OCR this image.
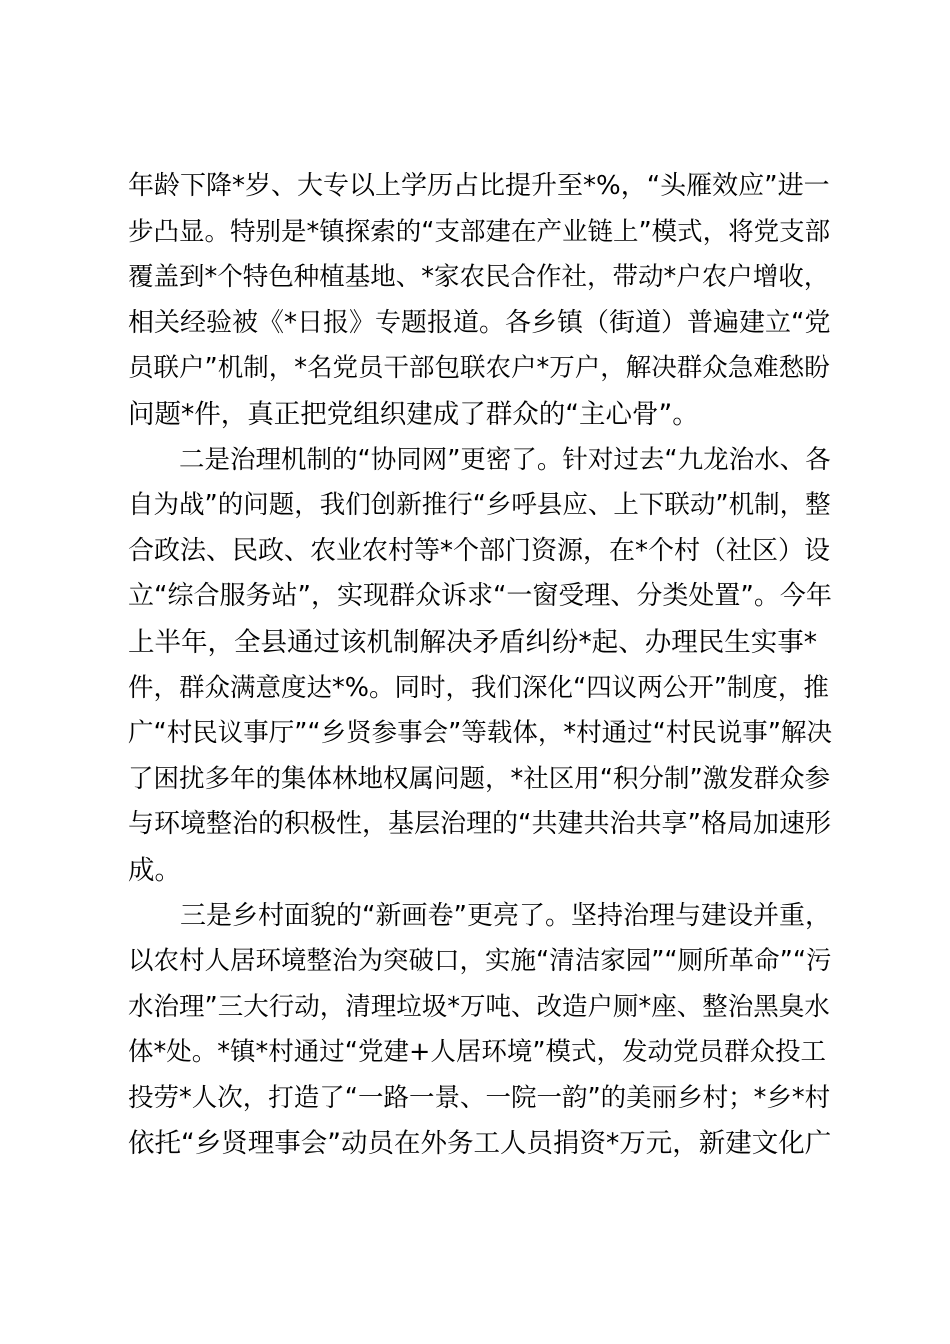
年龄下降*岁、大专以上学历占比提升至*%，“头雁效应”进一
步凸显。特别是*镇探索的“支部建在产业链上”模式，将党支部
覆盖到*个特色种植基地、*家农民合作社，带动*户农户增收，
相关经验被《*日报》专题报道。各乡镇（街道）普遍建立“党
员联户”机制，*名党员干部包联农户*万户，解决群众急难愁盼
问题*件，真正把党组织建成了群众的“主心骨”。
　　二是治理机制的“协同网”更密了。针对过去“九龙治水、各
自为战”的问题，我们创新推行“乡呼县应、上下联动”机制，整
合政法、民政、农业农村等*个部门资源，在*个村（社区）设
立“综合服务站”，实现群众诉求“一窗受理、分类处置”。今年
上半年，全县通过该机制解决矛盾纠纷*起、办理民生实事*
件，群众满意度达*%。同时，我们深化“四议两公开”制度，推
广“村民议事厅”“乡贤参事会”等载体，*村通过“村民说事”解决
了困扰多年的集体林地权属问题，*社区用“积分制”激发群众参
与环境整治的积极性，基层治理的“共建共治共享”格局加速形
成。
　　三是乡村面貌的“新画卷”更亮了。坚持治理与建设并重，
以农村人居环境整治为突破口，实施“清洁家园”“厕所革命”“污
水治理”三大行动，清理垃圾*万吨、改造户厕*座、整治黑臭水
体*处。*镇*村通过“党建+人居环境”模式，发动党员群众投工
投劳*人次，打造了“一路一景、一院一韵”的美丽乡村；*乡*村
依托“乡贤理事会”动员在外务工人员捐资*万元，新建文化广
